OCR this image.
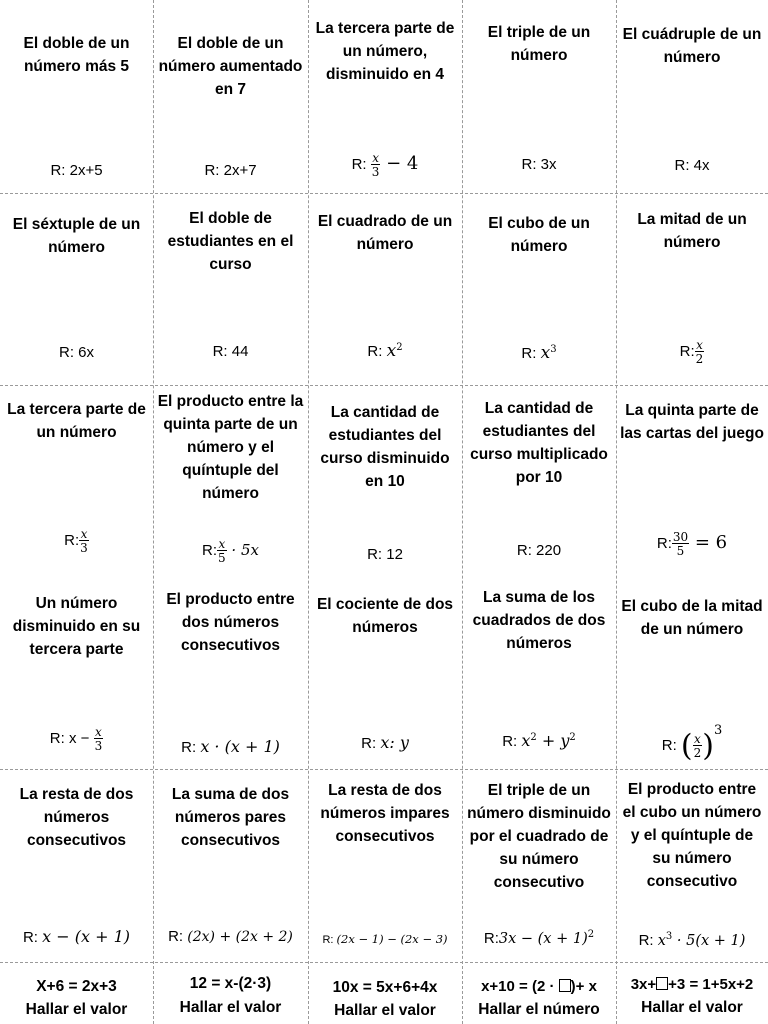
El doble de un número más 5
R: 2x+5
El doble de un número aumentado en 7
R: 2x+7
La tercera parte de un número, disminuido en 4
R: $\frac{x}{3} - 4$
El triple de un número
R: 3x
El cuádruple de un número
R: 4x
El séxtuple de un número
R: 6x
El doble de estudiantes en el curso
R: 44
El cuadrado de un número
R: $x^2$
El cubo de un número
R: $x^3$
La mitad de un número
R: $\frac{x}{2}$
La tercera parte de un número
R: $\frac{x}{3}$
El producto entre la quinta parte de un número y el quíntuple del número
R: $\frac{x}{5} \cdot 5x$
La cantidad de estudiantes del curso disminuido en 10
R: 12
La cantidad de estudiantes del curso multiplicado por 10
R: 220
La quinta parte de las cartas del juego
R: $\frac{30}{5} = 6$
Un número disminuido en su tercera parte
R: $x - \frac{x}{3}$
El producto entre dos números consecutivos
R: x · (x + 1)
El cociente de dos números
R: x: y
La suma de los cuadrados de dos números
R: $x^2 + y^2$
El cubo de la mitad de un número
R: ( $\frac{x}{2} )^3$
La resta de dos números consecutivos
R: x − (x + 1)
La suma de dos números pares consecutivos
R: (2x) + (2x + 2)
La resta de dos números impares consecutivos
R: (2x − 1) − (2x − 3)
El triple de un número disminuido por el cuadrado de su número consecutivo
R:3x − $(x + 1)^2$
El producto entre el cubo un número y el quíntuple de su número consecutivo
R: $x^3 \cdot 5(x + 1)$
X+6 = 2x+3
Hallar el valor
12 = x-(2·3)
Hallar el valor
10x = 5x+6+4x
Hallar el valor
x+10 = (2 · )+ x
Hallar el número
3x+ +3 = 1+5x+2
Hallar el valor
